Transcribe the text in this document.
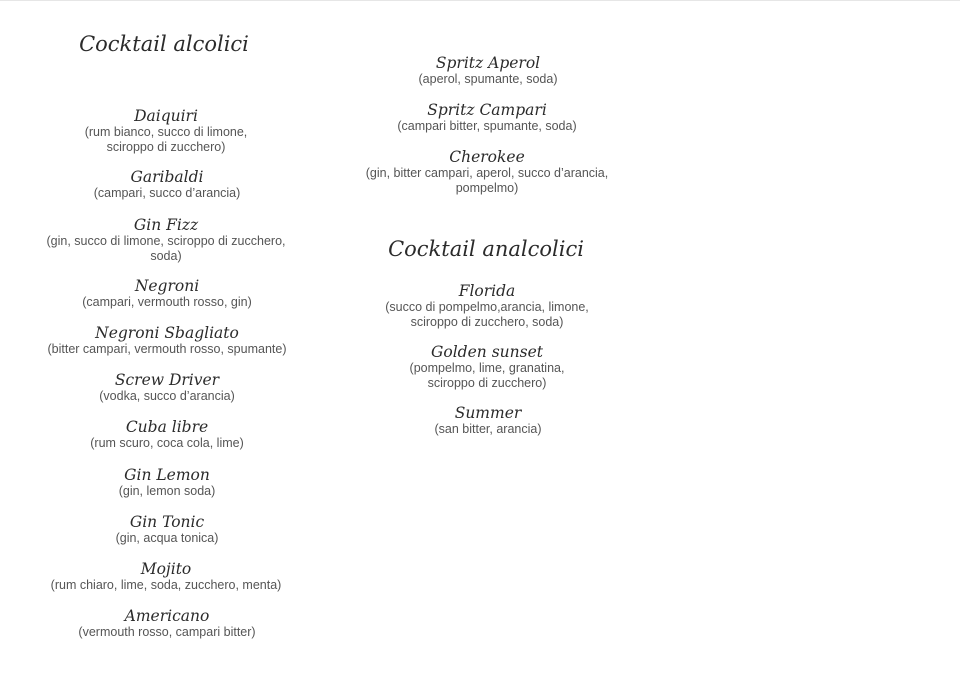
Cocktail alcolici
Daiquiri
(rum bianco, succo di limone,
sciroppo di zucchero)
Garibaldi
(campari, succo d’arancia)
Gin Fizz
(gin, succo di limone, sciroppo di zucchero,
soda)
Negroni
(campari, vermouth rosso, gin)
Negroni Sbagliato
(bitter campari, vermouth rosso, spumante)
Screw Driver
(vodka, succo d’arancia)
Cuba libre
(rum scuro, coca cola, lime)
Gin Lemon
(gin, lemon soda)
Gin Tonic
(gin, acqua tonica)
Mojito
(rum chiaro, lime, soda, zucchero, menta)
Americano
(vermouth rosso, campari bitter)
Spritz Aperol
(aperol, spumante, soda)
Spritz Campari
(campari bitter, spumante, soda)
Cherokee
(gin, bitter campari, aperol, succo d’arancia,
pompelmo)
Cocktail analcolici
Florida
(succo di pompelmo,arancia, limone,
sciroppo di zucchero, soda)
Golden sunset
(pompelmo, lime, granatina,
sciroppo di zucchero)
Summer
(san bitter, arancia)
